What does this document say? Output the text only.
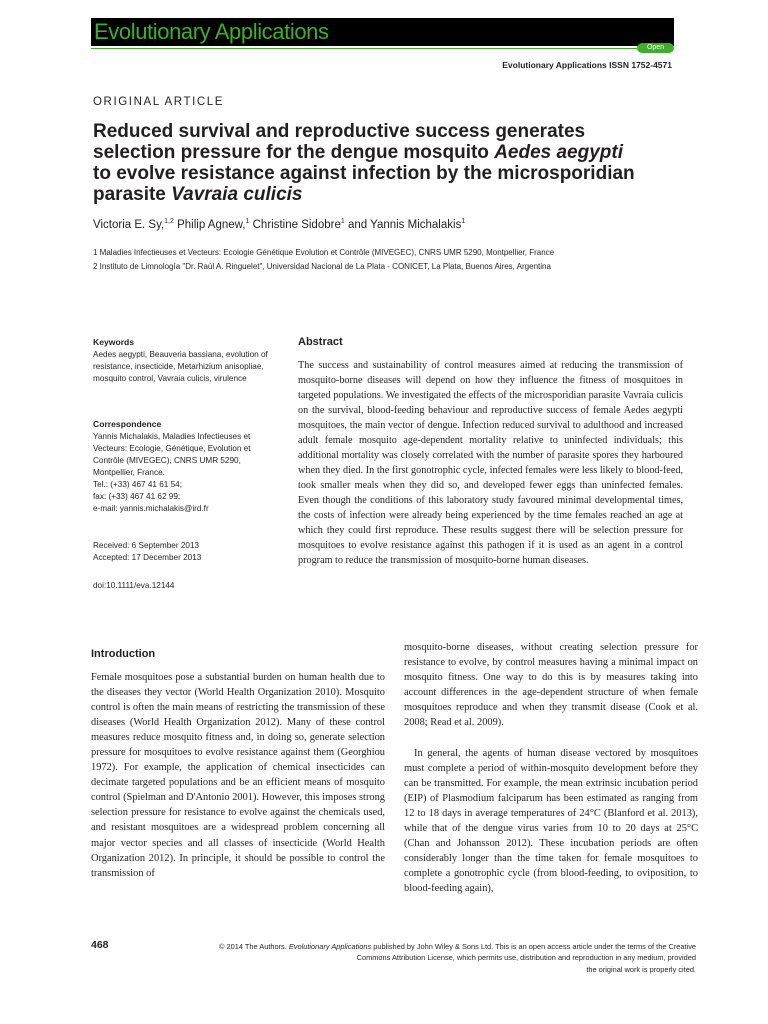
Evolutionary Applications
Open Access
Evolutionary Applications ISSN 1752-4571
ORIGINAL ARTICLE
Reduced survival and reproductive success generates
selection pressure for the dengue mosquito Aedes aegypti
to evolve resistance against infection by the microsporidian
parasite Vavraia culicis
Victoria E. Sy,$^{1,2}$ Philip Agnew,$^1$ Christine Sidobre$^1$ and Yannis Michalakis$^1$
1 Maladies Infectieuses et Vecteurs: Ecologie Génétique Evolution et Contrôle (MIVEGEC), CNRS UMR 5290, Montpellier, France
2 Instituto de Limnología "Dr. Raúl A. Ringuelet", Universidad Nacional de La Plata - CONICET, La Plata, Buenos Aires, Argentina
Keywords
Aedes aegypti, Beauveria bassiana, evolution of resistance, insecticide, Metarhizium anisopliae, mosquito control, Vavraia culicis, virulence
Correspondence
Yannis Michalakis, Maladies Infectieuses et
Vecteurs: Ecologie, Génétique, Evolution et
Contrôle (MIVEGEC), CNRS UMR 5290,
Montpellier, France.
Tel.: (+33) 467 41 61 54;
fax: (+33) 467 41 62 99;
e-mail: yannis.michalakis@ird.fr
Received: 6 September 2013
Accepted: 17 December 2013
doi:10.1111/eva.12144
Abstract

The success and sustainability of control measures aimed at reducing the transmission of mosquito-borne diseases will depend on how they influence the fitness of mosquitoes in targeted populations. We investigated the effects of the microsporidian parasite Vavraia culicis on the survival, blood-feeding behaviour and reproductive success of female Aedes aegypti mosquitoes, the main vector of dengue. Infection reduced survival to adulthood and increased adult female mosquito age-dependent mortality relative to uninfected individuals; this additional mortality was closely correlated with the number of parasite spores they harboured when they died. In the first gonotrophic cycle, infected females were less likely to blood-feed, took smaller meals when they did so, and developed fewer eggs than uninfected females. Even though the conditions of this laboratory study favoured minimal developmental times, the costs of infection were already being experienced by the time females reached an age at which they could first reproduce. These results suggest there will be selection pressure for mosquitoes to evolve resistance against this pathogen if it is used as an agent in a control program to reduce the transmission of mosquito-borne human diseases.

Introduction

Female mosquitoes pose a substantial burden on human health due to the diseases they vector (World Health Organization 2010). Mosquito control is often the main means of restricting the transmission of these diseases (World Health Organization 2012). Many of these control measures reduce mosquito fitness and, in doing so, generate selection pressure for mosquitoes to evolve resistance against them (Georghiou 1972). For example, the application of chemical insecticides can decimate targeted populations and be an efficient means of mosquito control (Spielman and D'Antonio 2001). However, this imposes strong selection pressure for resistance to evolve against the chemicals used, and resistant mosquitoes are a widespread problem concerning all major vector species and all classes of insecticide (World Health Organization 2012). In principle, it should be possible to control the transmission of

mosquito-borne diseases, without creating selection pressure for resistance to evolve, by control measures having a minimal impact on mosquito fitness. One way to do this is by measures taking into account differences in the age-dependent structure of when female mosquitoes reproduce and when they transmit disease (Cook et al. 2008; Read et al. 2009).

In general, the agents of human disease vectored by mosquitoes must complete a period of within-mosquito development before they can be transmitted. For example, the mean extrinsic incubation period (EIP) of Plasmodium falciparum has been estimated as ranging from 12 to 18 days in average temperatures of 24°C (Blanford et al. 2013), while that of the dengue virus varies from 10 to 20 days at 25°C (Chan and Johansson 2012). These incubation periods are often considerably longer than the time taken for female mosquitoes to complete a gonotrophic cycle (from blood-feeding, to oviposition, to blood-feeding again),

468	© 2014 The Authors. Evolutionary Applications published by John Wiley & Sons Ltd. This is an open access article under the terms of the Creative
Commons Attribution License, which permits use, distribution and reproduction in any medium, provided
the original work is properly cited.
